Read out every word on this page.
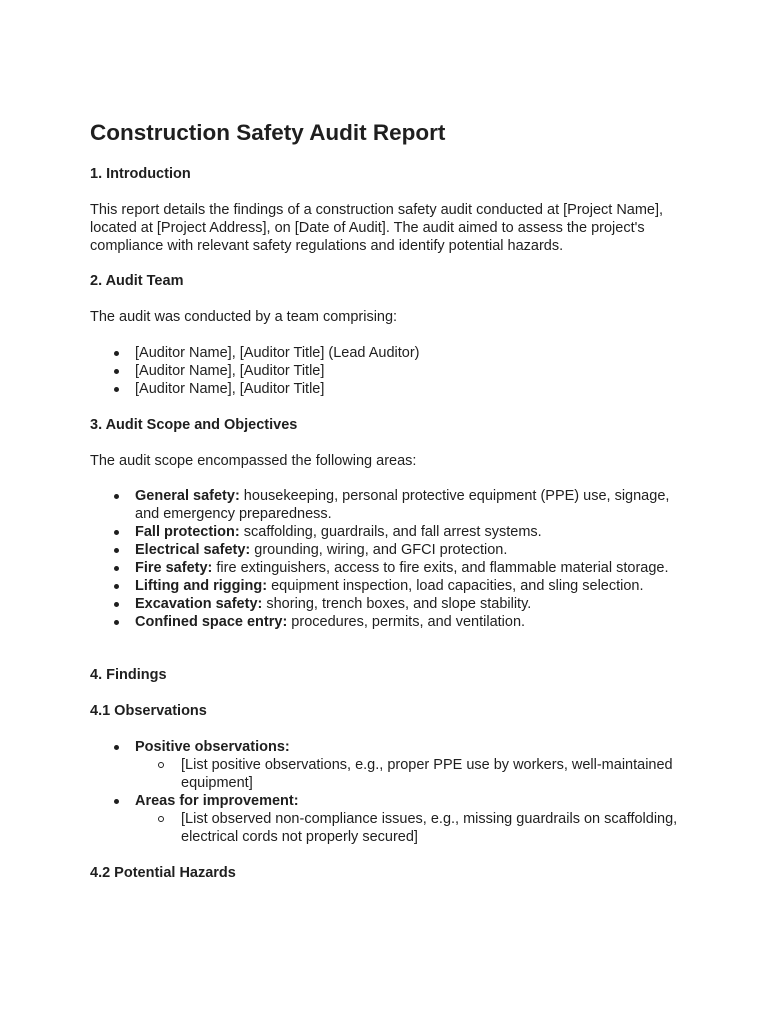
Construction Safety Audit Report
1. Introduction
This report details the findings of a construction safety audit conducted at [Project Name], located at [Project Address], on [Date of Audit]. The audit aimed to assess the project's compliance with relevant safety regulations and identify potential hazards.
2. Audit Team
The audit was conducted by a team comprising:
[Auditor Name], [Auditor Title] (Lead Auditor)
[Auditor Name], [Auditor Title]
[Auditor Name], [Auditor Title]
3. Audit Scope and Objectives
The audit scope encompassed the following areas:
General safety: housekeeping, personal protective equipment (PPE) use, signage, and emergency preparedness.
Fall protection: scaffolding, guardrails, and fall arrest systems.
Electrical safety: grounding, wiring, and GFCI protection.
Fire safety: fire extinguishers, access to fire exits, and flammable material storage.
Lifting and rigging: equipment inspection, load capacities, and sling selection.
Excavation safety: shoring, trench boxes, and slope stability.
Confined space entry: procedures, permits, and ventilation.
4. Findings
4.1 Observations
Positive observations:
[List positive observations, e.g., proper PPE use by workers, well-maintained equipment]
Areas for improvement:
[List observed non-compliance issues, e.g., missing guardrails on scaffolding, electrical cords not properly secured]
4.2 Potential Hazards
